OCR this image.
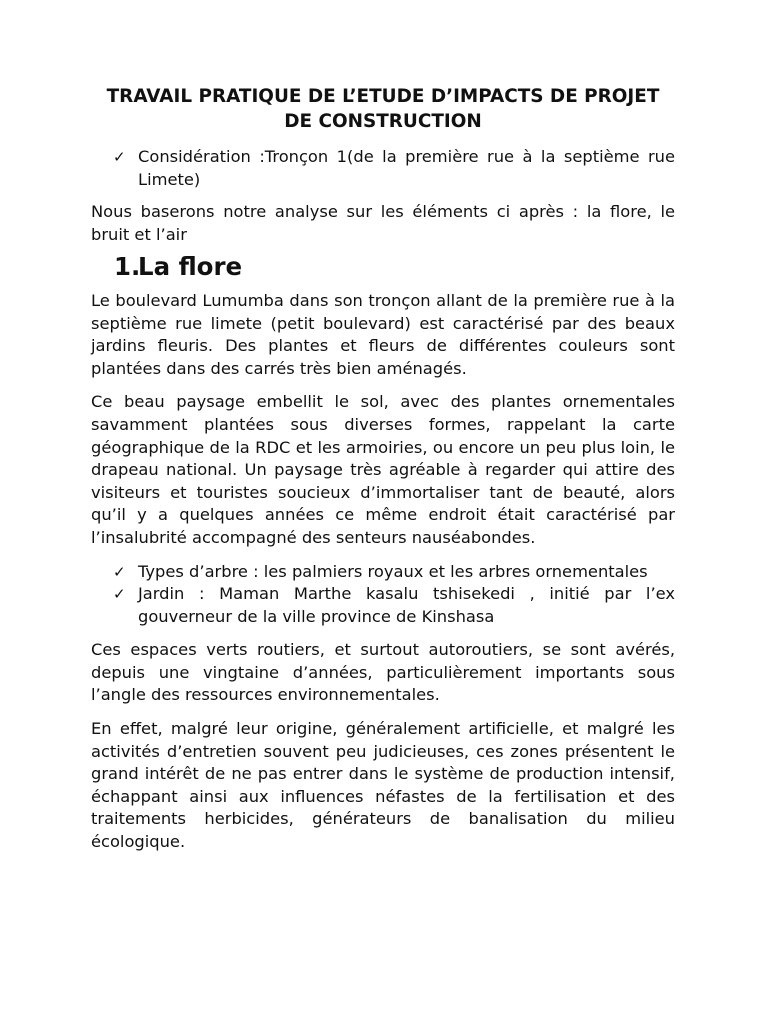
TRAVAIL PRATIQUE DE L’ETUDE D’IMPACTS DE PROJET DE CONSTRUCTION
✓ Considération :Tronçon 1(de la première rue à la septième rue Limete)

Nous baserons notre analyse sur les éléments ci après : la flore, le bruit et l’air

1.
La flore

Le boulevard Lumumba dans son tronçon allant de la première rue à la septième rue limete (petit boulevard) est caractérisé par des beaux jardins fleuris. Des plantes et fleurs de différentes couleurs sont plantées dans des carrés très bien aménagés.

Ce beau paysage embellit le sol, avec des plantes ornementales savamment plantées sous diverses formes, rappelant la carte géographique de la RDC et les armoiries, ou encore un peu plus loin, le drapeau national. Un paysage très agréable à regarder qui attire des visiteurs et touristes soucieux d’immortaliser tant de beauté, alors qu’il y a quelques années ce même endroit était caractérisé par l’insalubrité accompagné des senteurs nauséabondes.

✓ Types d’arbre : les palmiers royaux et les arbres ornementales
✓ Jardin : Maman Marthe kasalu tshisekedi , initié par l’ex gouverneur de la ville province de Kinshasa

Ces espaces verts routiers, et surtout autoroutiers, se sont avérés, depuis une vingtaine d’années, particulièrement importants sous l’angle des ressources environnementales.

En effet, malgré leur origine, généralement artificielle, et malgré les activités d’entretien souvent peu judicieuses, ces zones présentent le grand intérêt de ne pas entrer dans le système de production intensif, échappant ainsi aux influences néfastes de la fertilisation et des traitements herbicides, générateurs de banalisation du milieu écologique.
